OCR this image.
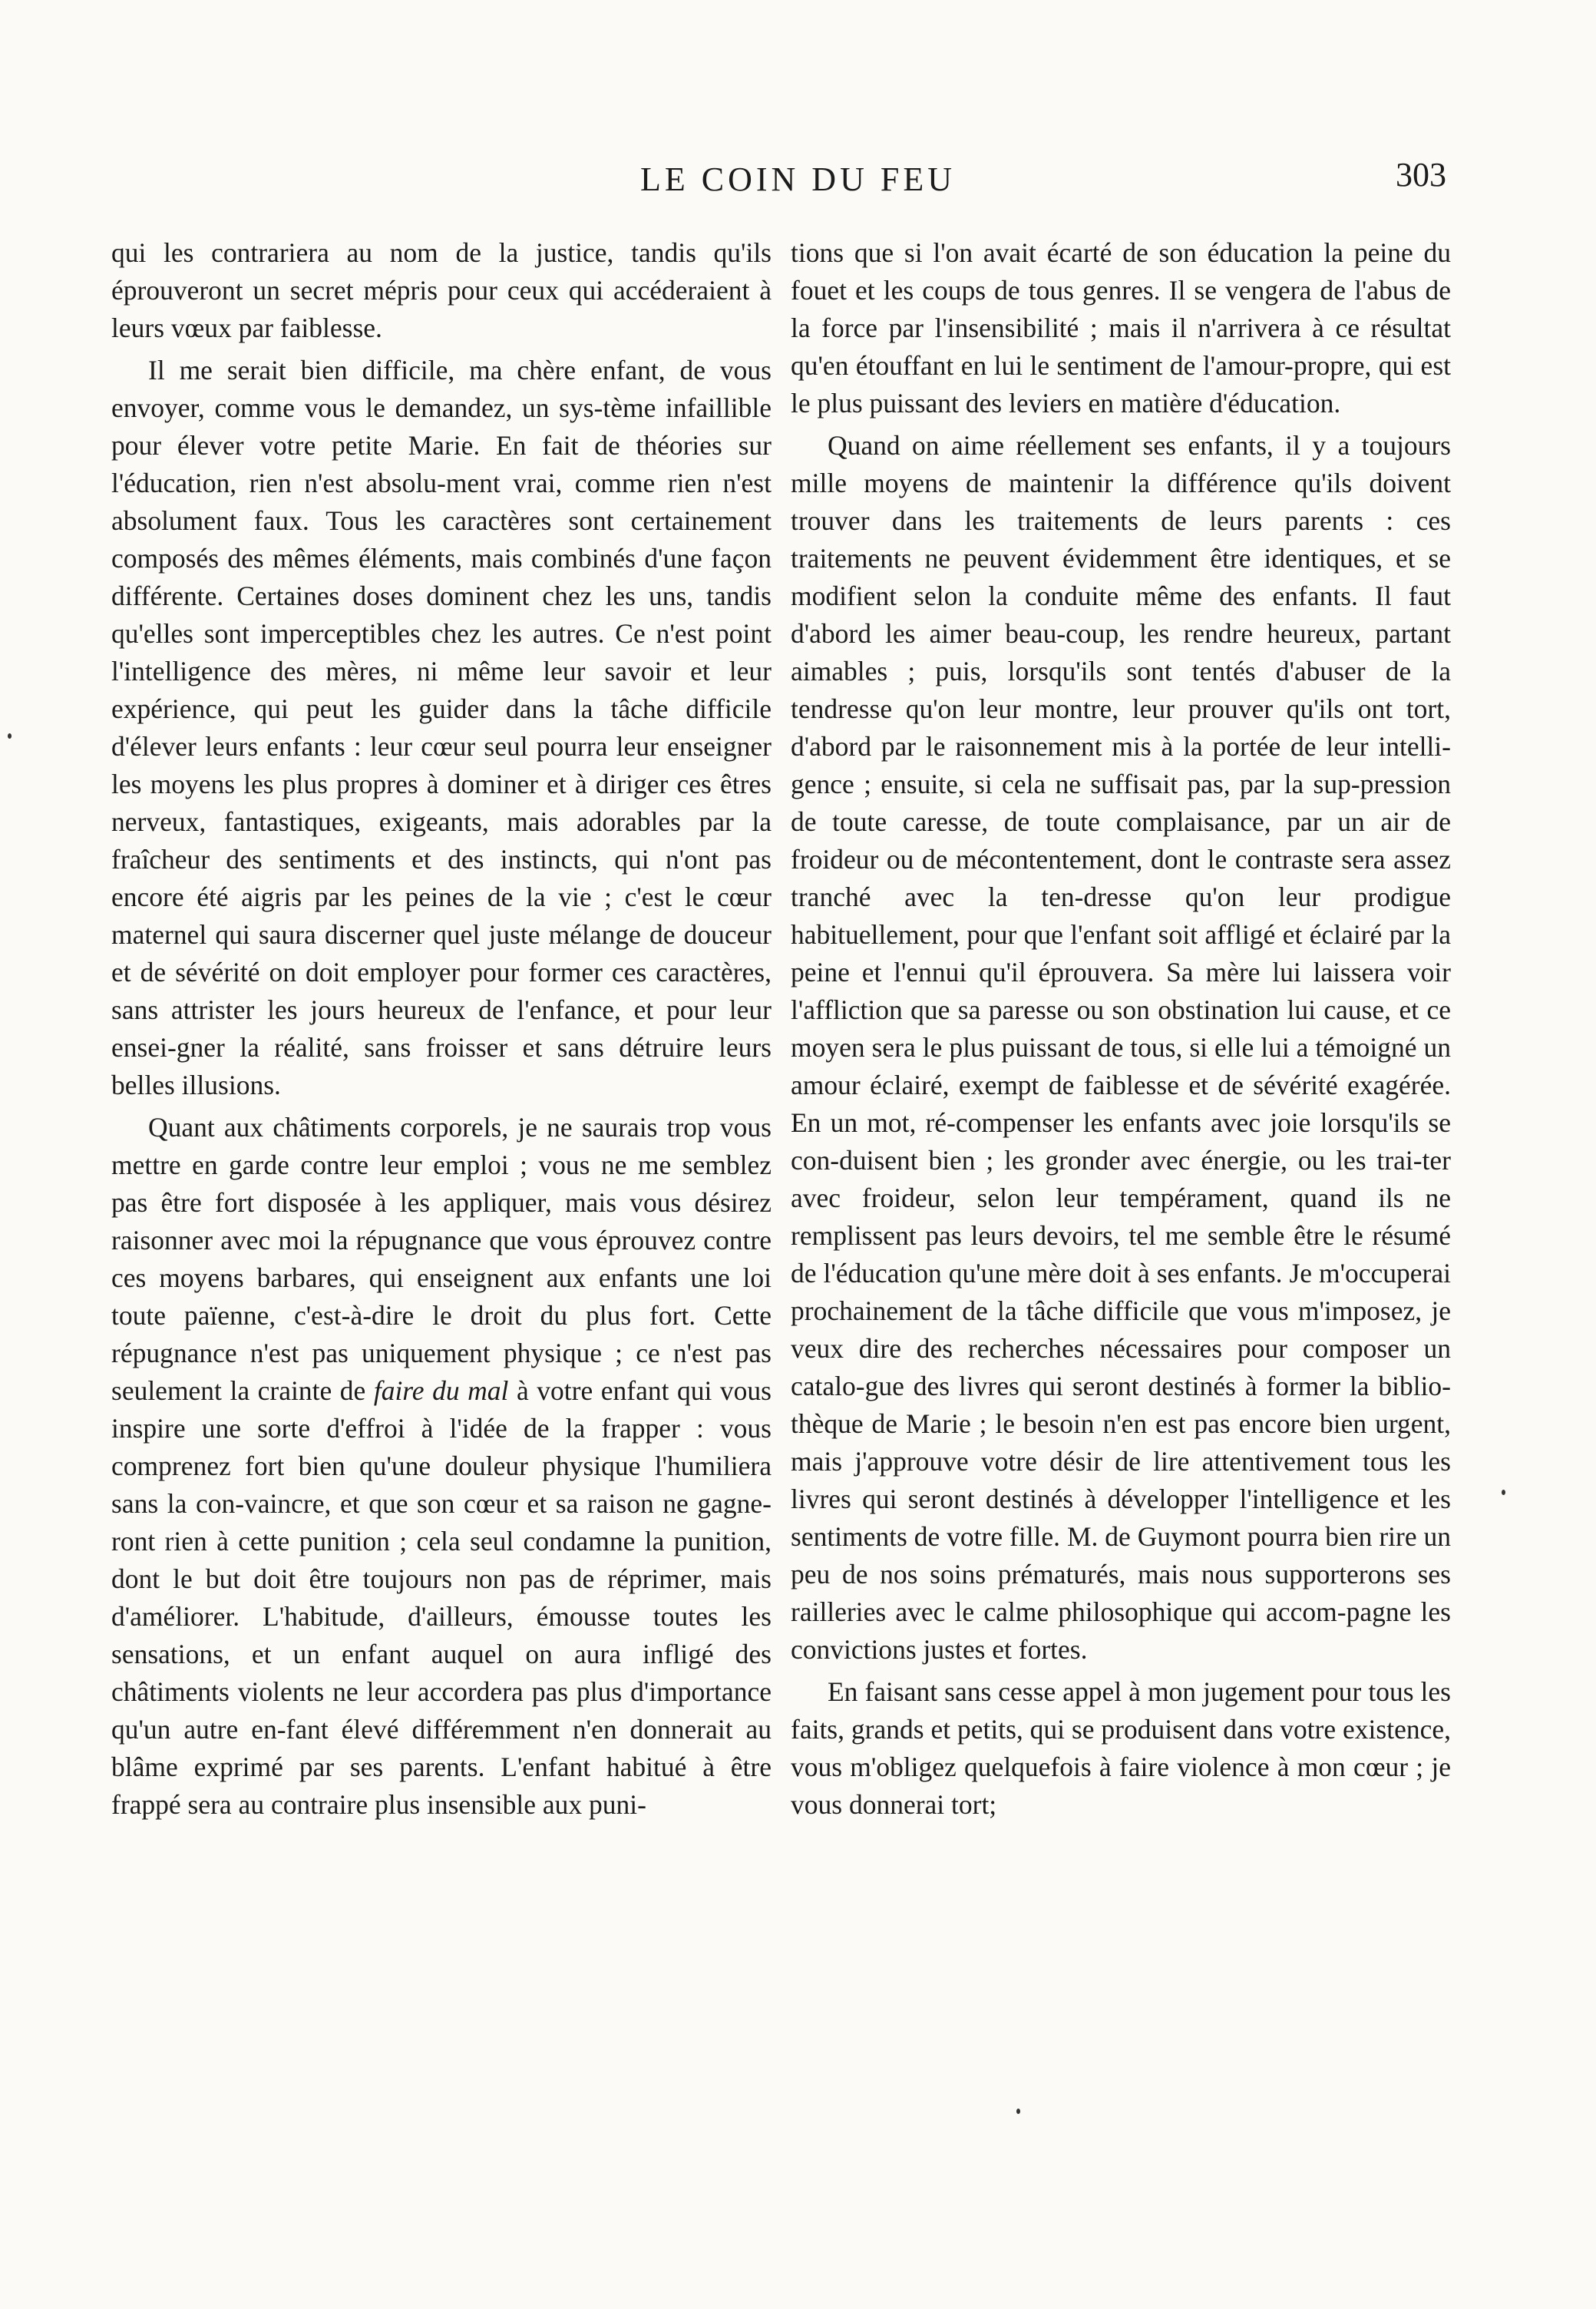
LE COIN DU FEU	303

qui les contrariera au nom de la justice, tandis qu'ils éprouveront un secret mépris pour ceux qui accéderaient à leurs vœux par faiblesse.

Il me serait bien difficile, ma chère enfant, de vous envoyer, comme vous le demandez, un sys-tème infaillible pour élever votre petite Marie. En fait de théories sur l'éducation, rien n'est absolu-ment vrai, comme rien n'est absolument faux. Tous les caractères sont certainement composés des mêmes éléments, mais combinés d'une façon différente. Certaines doses dominent chez les uns, tandis qu'elles sont imperceptibles chez les autres. Ce n'est point l'intelligence des mères, ni même leur savoir et leur expérience, qui peut les guider dans la tâche difficile d'élever leurs enfants : leur cœur seul pourra leur enseigner les moyens les plus propres à dominer et à diriger ces êtres nerveux, fantastiques, exigeants, mais adorables par la fraîcheur des sentiments et des instincts, qui n'ont pas encore été aigris par les peines de la vie ; c'est le cœur maternel qui saura discerner quel juste mélange de douceur et de sévérité on doit employer pour former ces caractères, sans attrister les jours heureux de l'enfance, et pour leur ensei-gner la réalité, sans froisser et sans détruire leurs belles illusions.

Quant aux châtiments corporels, je ne saurais trop vous mettre en garde contre leur emploi ; vous ne me semblez pas être fort disposée à les appliquer, mais vous désirez raisonner avec moi la répugnance que vous éprouvez contre ces moyens barbares, qui enseignent aux enfants une loi toute païenne, c'est-à-dire le droit du plus fort. Cette répugnance n'est pas uniquement physique ; ce n'est pas seulement la crainte de faire du mal à votre enfant qui vous inspire une sorte d'effroi à l'idée de la frapper : vous comprenez fort bien qu'une douleur physique l'humiliera sans la con-vaincre, et que son cœur et sa raison ne gagne-ront rien à cette punition ; cela seul condamne la punition, dont le but doit être toujours non pas de réprimer, mais d'améliorer. L'habitude, d'ailleurs, émousse toutes les sensations, et un enfant auquel on aura infligé des châtiments violents ne leur accordera pas plus d'importance qu'un autre en-fant élevé différemment n'en donnerait au blâme exprimé par ses parents. L'enfant habitué à être frappé sera au contraire plus insensible aux puni-

tions que si l'on avait écarté de son éducation la peine du fouet et les coups de tous genres. Il se vengera de l'abus de la force par l'insensibilité ; mais il n'arrivera à ce résultat qu'en étouffant en lui le sentiment de l'amour-propre, qui est le plus puissant des leviers en matière d'éducation.

Quand on aime réellement ses enfants, il y a toujours mille moyens de maintenir la différence qu'ils doivent trouver dans les traitements de leurs parents : ces traitements ne peuvent évidemment être identiques, et se modifient selon la conduite même des enfants. Il faut d'abord les aimer beau-coup, les rendre heureux, partant aimables ; puis, lorsqu'ils sont tentés d'abuser de la tendresse qu'on leur montre, leur prouver qu'ils ont tort, d'abord par le raisonnement mis à la portée de leur intelli-gence ; ensuite, si cela ne suffisait pas, par la sup-pression de toute caresse, de toute complaisance, par un air de froideur ou de mécontentement, dont le contraste sera assez tranché avec la ten-dresse qu'on leur prodigue habituellement, pour que l'enfant soit affligé et éclairé par la peine et l'ennui qu'il éprouvera. Sa mère lui laissera voir l'affliction que sa paresse ou son obstination lui cause, et ce moyen sera le plus puissant de tous, si elle lui a témoigné un amour éclairé, exempt de faiblesse et de sévérité exagérée. En un mot, ré-compenser les enfants avec joie lorsqu'ils se con-duisent bien ; les gronder avec énergie, ou les trai-ter avec froideur, selon leur tempérament, quand ils ne remplissent pas leurs devoirs, tel me semble être le résumé de l'éducation qu'une mère doit à ses enfants. Je m'occuperai prochainement de la tâche difficile que vous m'imposez, je veux dire des recherches nécessaires pour composer un catalo-gue des livres qui seront destinés à former la biblio-thèque de Marie ; le besoin n'en est pas encore bien urgent, mais j'approuve votre désir de lire attentivement tous les livres qui seront destinés à développer l'intelligence et les sentiments de votre fille. M. de Guymont pourra bien rire un peu de nos soins prématurés, mais nous supporterons ses railleries avec le calme philosophique qui accom-pagne les convictions justes et fortes.

En faisant sans cesse appel à mon jugement pour tous les faits, grands et petits, qui se produisent dans votre existence, vous m'obligez quelquefois à faire violence à mon cœur ; je vous donnerai tort;
